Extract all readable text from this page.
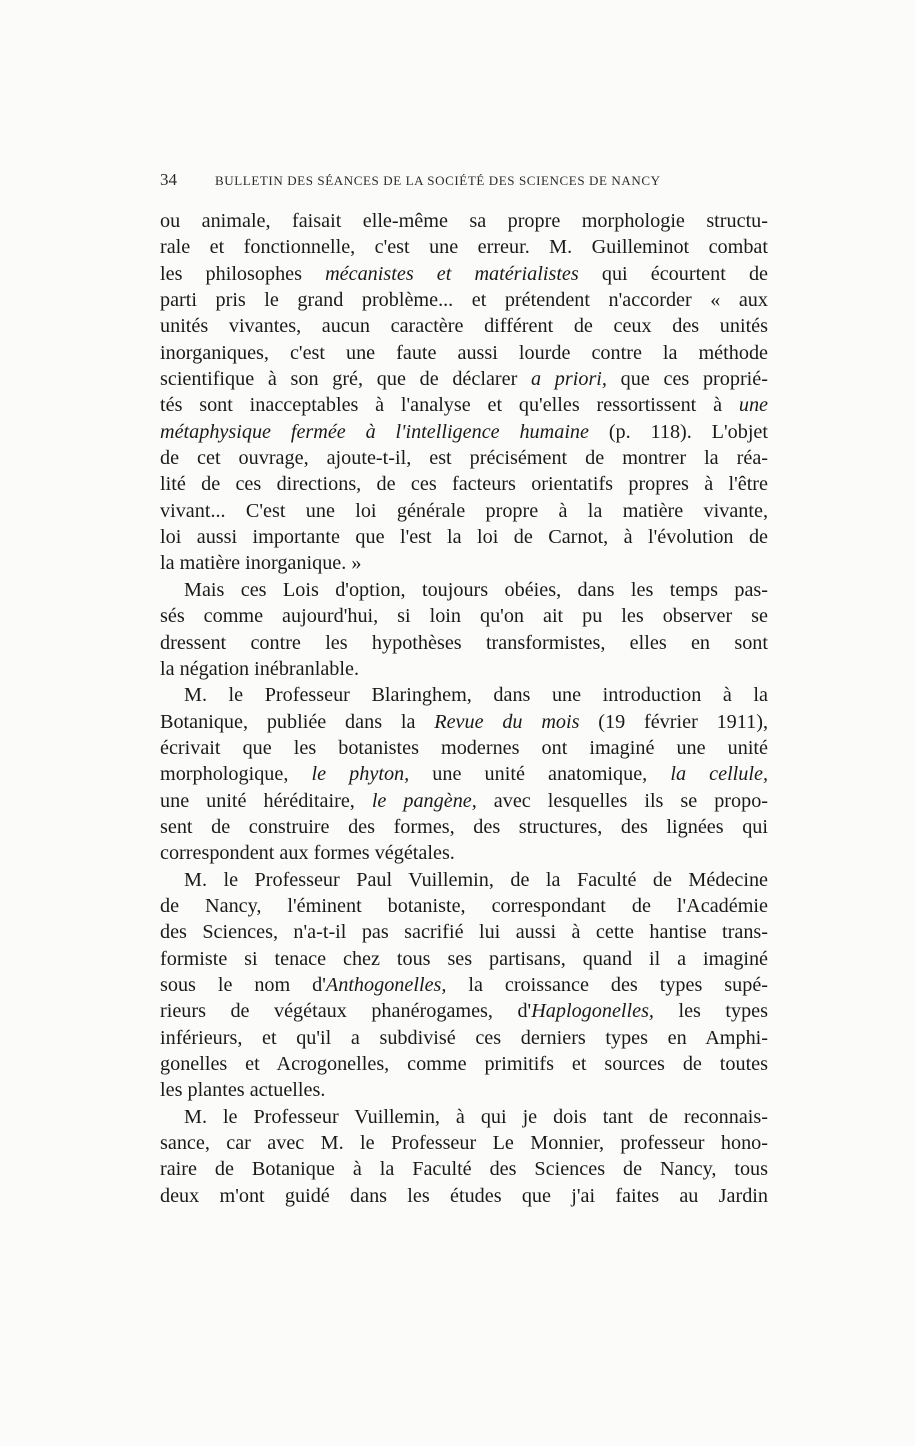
34	BULLETIN DES SÉANCES DE LA SOCIÉTÉ DES SCIENCES DE NANCY
ou animale, faisait elle-même sa propre morphologie structu-
rale et fonctionnelle, c'est une erreur. M. Guilleminot combat
les philosophes mécanistes et matérialistes qui écourtent de
parti pris le grand problème... et prétendent n'accorder « aux
unités vivantes, aucun caractère différent de ceux des unités
inorganiques, c'est une faute aussi lourde contre la méthode
scientifique à son gré, que de déclarer a priori, que ces proprié-
tés sont inacceptables à l'analyse et qu'elles ressortissent à une
métaphysique fermée à l'intelligence humaine (p. 118). L'objet
de cet ouvrage, ajoute-t-il, est précisément de montrer la réa-
lité de ces directions, de ces facteurs orientatifs propres à l'être
vivant... C'est une loi générale propre à la matière vivante,
loi aussi importante que l'est la loi de Carnot, à l'évolution de
la matière inorganique. »
Mais ces Lois d'option, toujours obéies, dans les temps pas-
sés comme aujourd'hui, si loin qu'on ait pu les observer se
dressent contre les hypothèses transformistes, elles en sont
la négation inébranlable.
M. le Professeur Blaringhem, dans une introduction à la
Botanique, publiée dans la Revue du mois (19 février 1911),
écrivait que les botanistes modernes ont imaginé une unité
morphologique, le phyton, une unité anatomique, la cellule,
une unité héréditaire, le pangène, avec lesquelles ils se propo-
sent de construire des formes, des structures, des lignées qui
correspondent aux formes végétales.
M. le Professeur Paul Vuillemin, de la Faculté de Médecine
de Nancy, l'éminent botaniste, correspondant de l'Académie
des Sciences, n'a-t-il pas sacrifié lui aussi à cette hantise trans-
formiste si tenace chez tous ses partisans, quand il a imaginé
sous le nom d'Anthogonelles, la croissance des types supé-
rieurs de végétaux phanérogames, d'Haplogonelles, les types
inférieurs, et qu'il a subdivisé ces derniers types en Amphi-
gonelles et Acrogonelles, comme primitifs et sources de toutes
les plantes actuelles.
M. le Professeur Vuillemin, à qui je dois tant de reconnais-
sance, car avec M. le Professeur Le Monnier, professeur hono-
raire de Botanique à la Faculté des Sciences de Nancy, tous
deux m'ont guidé dans les études que j'ai faites au Jardin
